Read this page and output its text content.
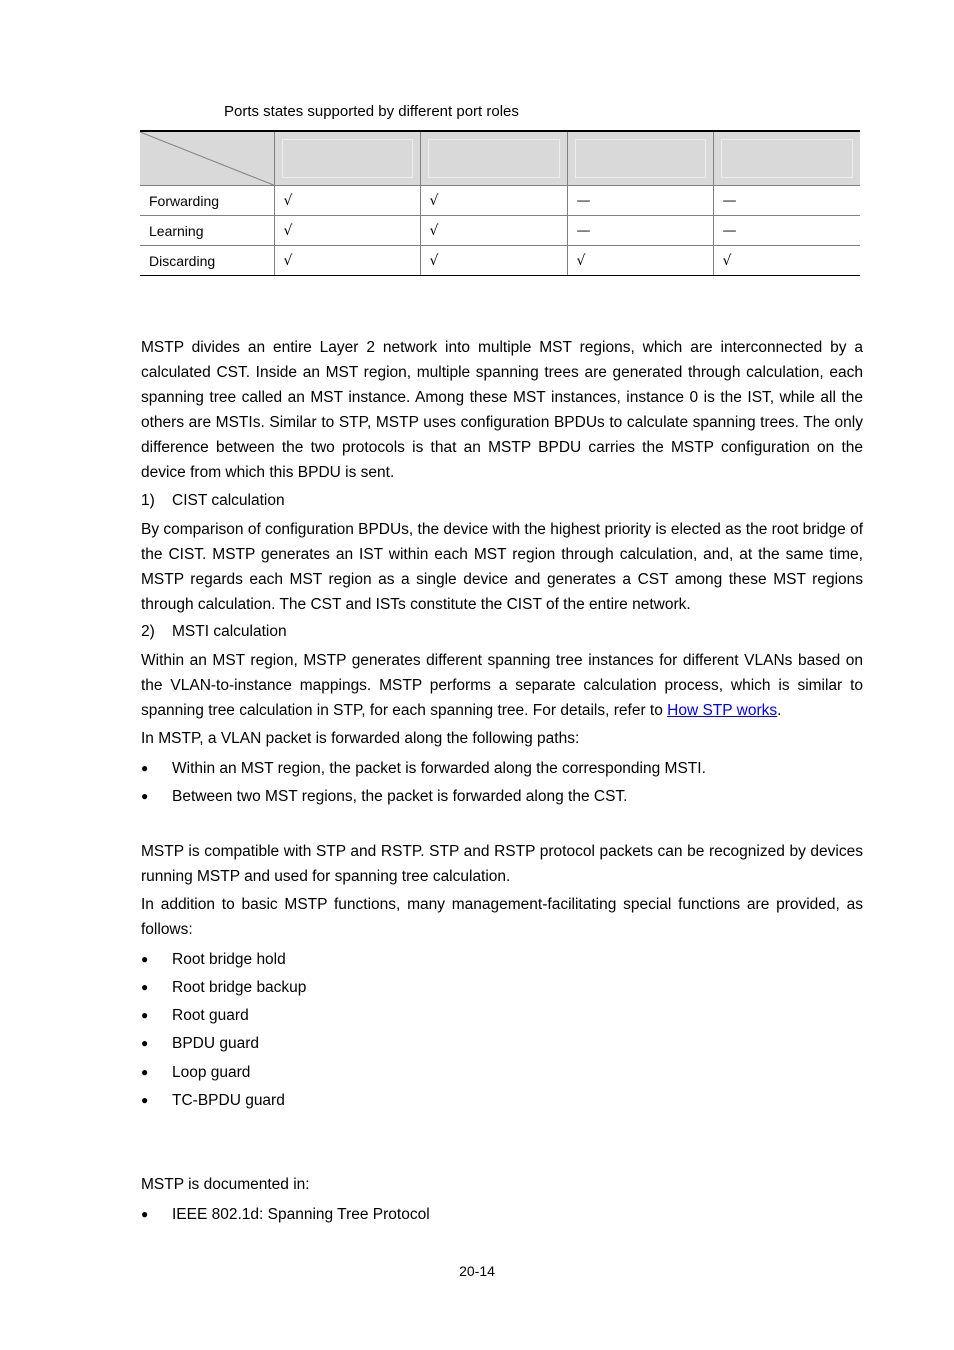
Ports states supported by different port roles

Forwarding	√	√	—	—
Learning	√	√	—	—
Discarding	√	√	√	√

MSTP divides an entire Layer 2 network into multiple MST regions, which are interconnected by a calculated CST. Inside an MST region, multiple spanning trees are generated through calculation, each spanning tree called an MST instance. Among these MST instances, instance 0 is the IST, while all the others are MSTIs. Similar to STP, MSTP uses configuration BPDUs to calculate spanning trees. The only difference between the two protocols is that an MSTP BPDU carries the MSTP configuration on the device from which this BPDU is sent.

1) CIST calculation

By comparison of configuration BPDUs, the device with the highest priority is elected as the root bridge of the CIST. MSTP generates an IST within each MST region through calculation, and, at the same time, MSTP regards each MST region as a single device and generates a CST among these MST regions through calculation. The CST and ISTs constitute the CIST of the entire network.

2) MSTI calculation

Within an MST region, MSTP generates different spanning tree instances for different VLANs based on the VLAN-to-instance mappings. MSTP performs a separate calculation process, which is similar to spanning tree calculation in STP, for each spanning tree. For details, refer to How STP works.

In MSTP, a VLAN packet is forwarded along the following paths:
● Within an MST region, the packet is forwarded along the corresponding MSTI.
● Between two MST regions, the packet is forwarded along the CST.

MSTP is compatible with STP and RSTP. STP and RSTP protocol packets can be recognized by devices running MSTP and used for spanning tree calculation.

In addition to basic MSTP functions, many management-facilitating special functions are provided, as follows:

● Root bridge hold
● Root bridge backup
● Root guard
● BPDU guard
● Loop guard
● TC-BPDU guard
MSTP is documented in:
● IEEE 802.1d: Spanning Tree Protocol
20-14
